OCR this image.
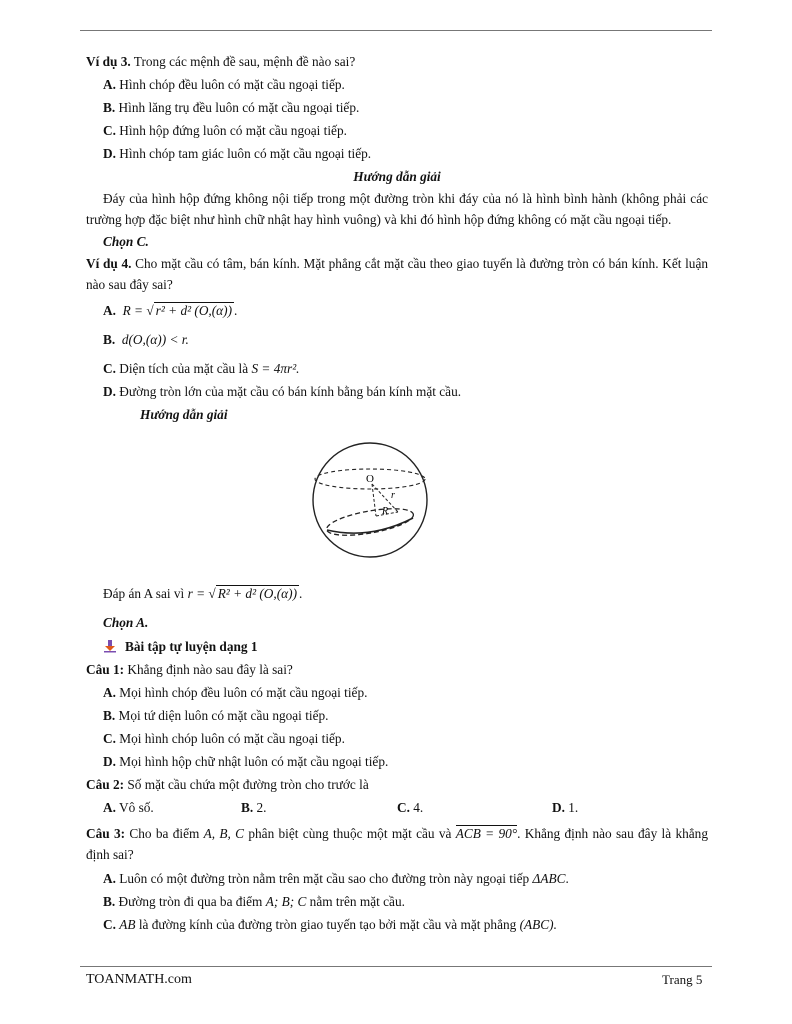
Ví dụ 3. Trong các mệnh đề sau, mệnh đề nào sai?
A. Hình chóp đều luôn có mặt cầu ngoại tiếp.
B. Hình lăng trụ đều luôn có mặt cầu ngoại tiếp.
C. Hình hộp đứng luôn có mặt cầu ngoại tiếp.
D. Hình chóp tam giác luôn có mặt cầu ngoại tiếp.
Hướng dẫn giải
Đáy của hình hộp đứng không nội tiếp trong một đường tròn khi đáy của nó là hình bình hành (không phải các trường hợp đặc biệt như hình chữ nhật hay hình vuông) và khi đó hình hộp đứng không có mặt cầu ngoại tiếp.
Chọn C.
Ví dụ 4. Cho mặt cầu có tâm, bán kính. Mặt phẳng cắt mặt cầu theo giao tuyến là đường tròn có bán kính. Kết luận nào sau đây sai?
A. R = √ r² + d² (O,(α)) .
B. d(O,(α)) < r.
C. Diện tích của mặt cầu là S = 4πr².
D. Đường tròn lớn của mặt cầu có bán kính bằng bán kính mặt cầu.
Hướng dẫn giải
O
r
R
Đáp án A sai vì r = √ R² + d² (O,(α)) .
Chọn A.
Bài tập tự luyện dạng 1
Câu 1: Khẳng định nào sau đây là sai?
A. Mọi hình chóp đều luôn có mặt cầu ngoại tiếp.
B. Mọi tứ diện luôn có mặt cầu ngoại tiếp.
C. Mọi hình chóp luôn có mặt cầu ngoại tiếp.
D. Mọi hình hộp chữ nhật luôn có mặt cầu ngoại tiếp.
Câu 2: Số mặt cầu chứa một đường tròn cho trước là
A. Vô số.	B. 2.	C. 4.	D. 1.
Câu 3: Cho ba điểm A, B, C phân biệt cùng thuộc một mặt cầu và ACB = 90°. Khẳng định nào sau đây là khẳng định sai?
A. Luôn có một đường tròn nằm trên mặt cầu sao cho đường tròn này ngoại tiếp ΔABC.
B. Đường tròn đi qua ba điểm A; B; C nằm trên mặt cầu.
C. AB là đường kính của đường tròn giao tuyến tạo bởi mặt cầu và mặt phẳng (ABC).
TOANMATH.com	Trang 5
